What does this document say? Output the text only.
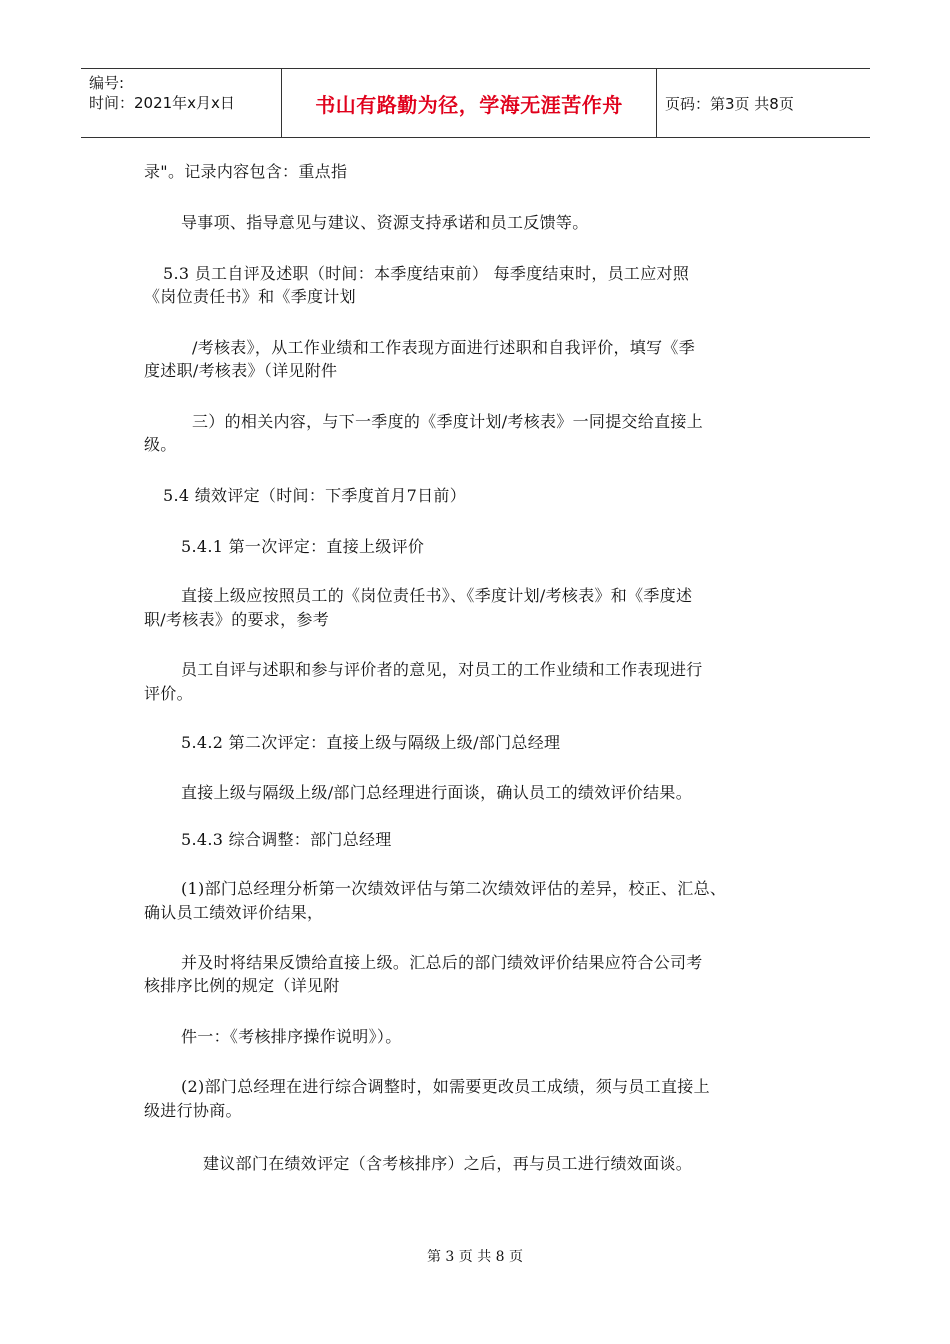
编号:
时间：2021年x月x日	书山有路勤为径，学海无涯苦作舟	页码：第3页 共8页
录"。记录内容包含：重点指
导事项、指导意见与建议、资源支持承诺和员工反馈等。
5.3 员工自评及述职（时间：本季度结束前） 每季度结束时，员工应对照
《岗位责任书》和《季度计划
/考核表》，从工作业绩和工作表现方面进行述职和自我评价，填写《季
度述职/考核表》（详见附件
三）的相关内容，与下一季度的《季度计划/考核表》一同提交给直接上
级。
5.4 绩效评定（时间：下季度首月7日前）
5.4.1 第一次评定：直接上级评价
直接上级应按照员工的《岗位责任书》、《季度计划/考核表》和《季度述
职/考核表》的要求，参考
员工自评与述职和参与评价者的意见，对员工的工作业绩和工作表现进行
评价。
5.4.2 第二次评定：直接上级与隔级上级/部门总经理
直接上级与隔级上级/部门总经理进行面谈，确认员工的绩效评价结果。
5.4.3 综合调整：部门总经理
(1)部门总经理分析第一次绩效评估与第二次绩效评估的差异，校正、汇总、
确认员工绩效评价结果，
并及时将结果反馈给直接上级。汇总后的部门绩效评价结果应符合公司考
核排序比例的规定（详见附
件一：《考核排序操作说明》）。
(2)部门总经理在进行综合调整时，如需要更改员工成绩，须与员工直接上
级进行协商。
建议部门在绩效评定（含考核排序）之后，再与员工进行绩效面谈。
第 3 页 共 8 页
